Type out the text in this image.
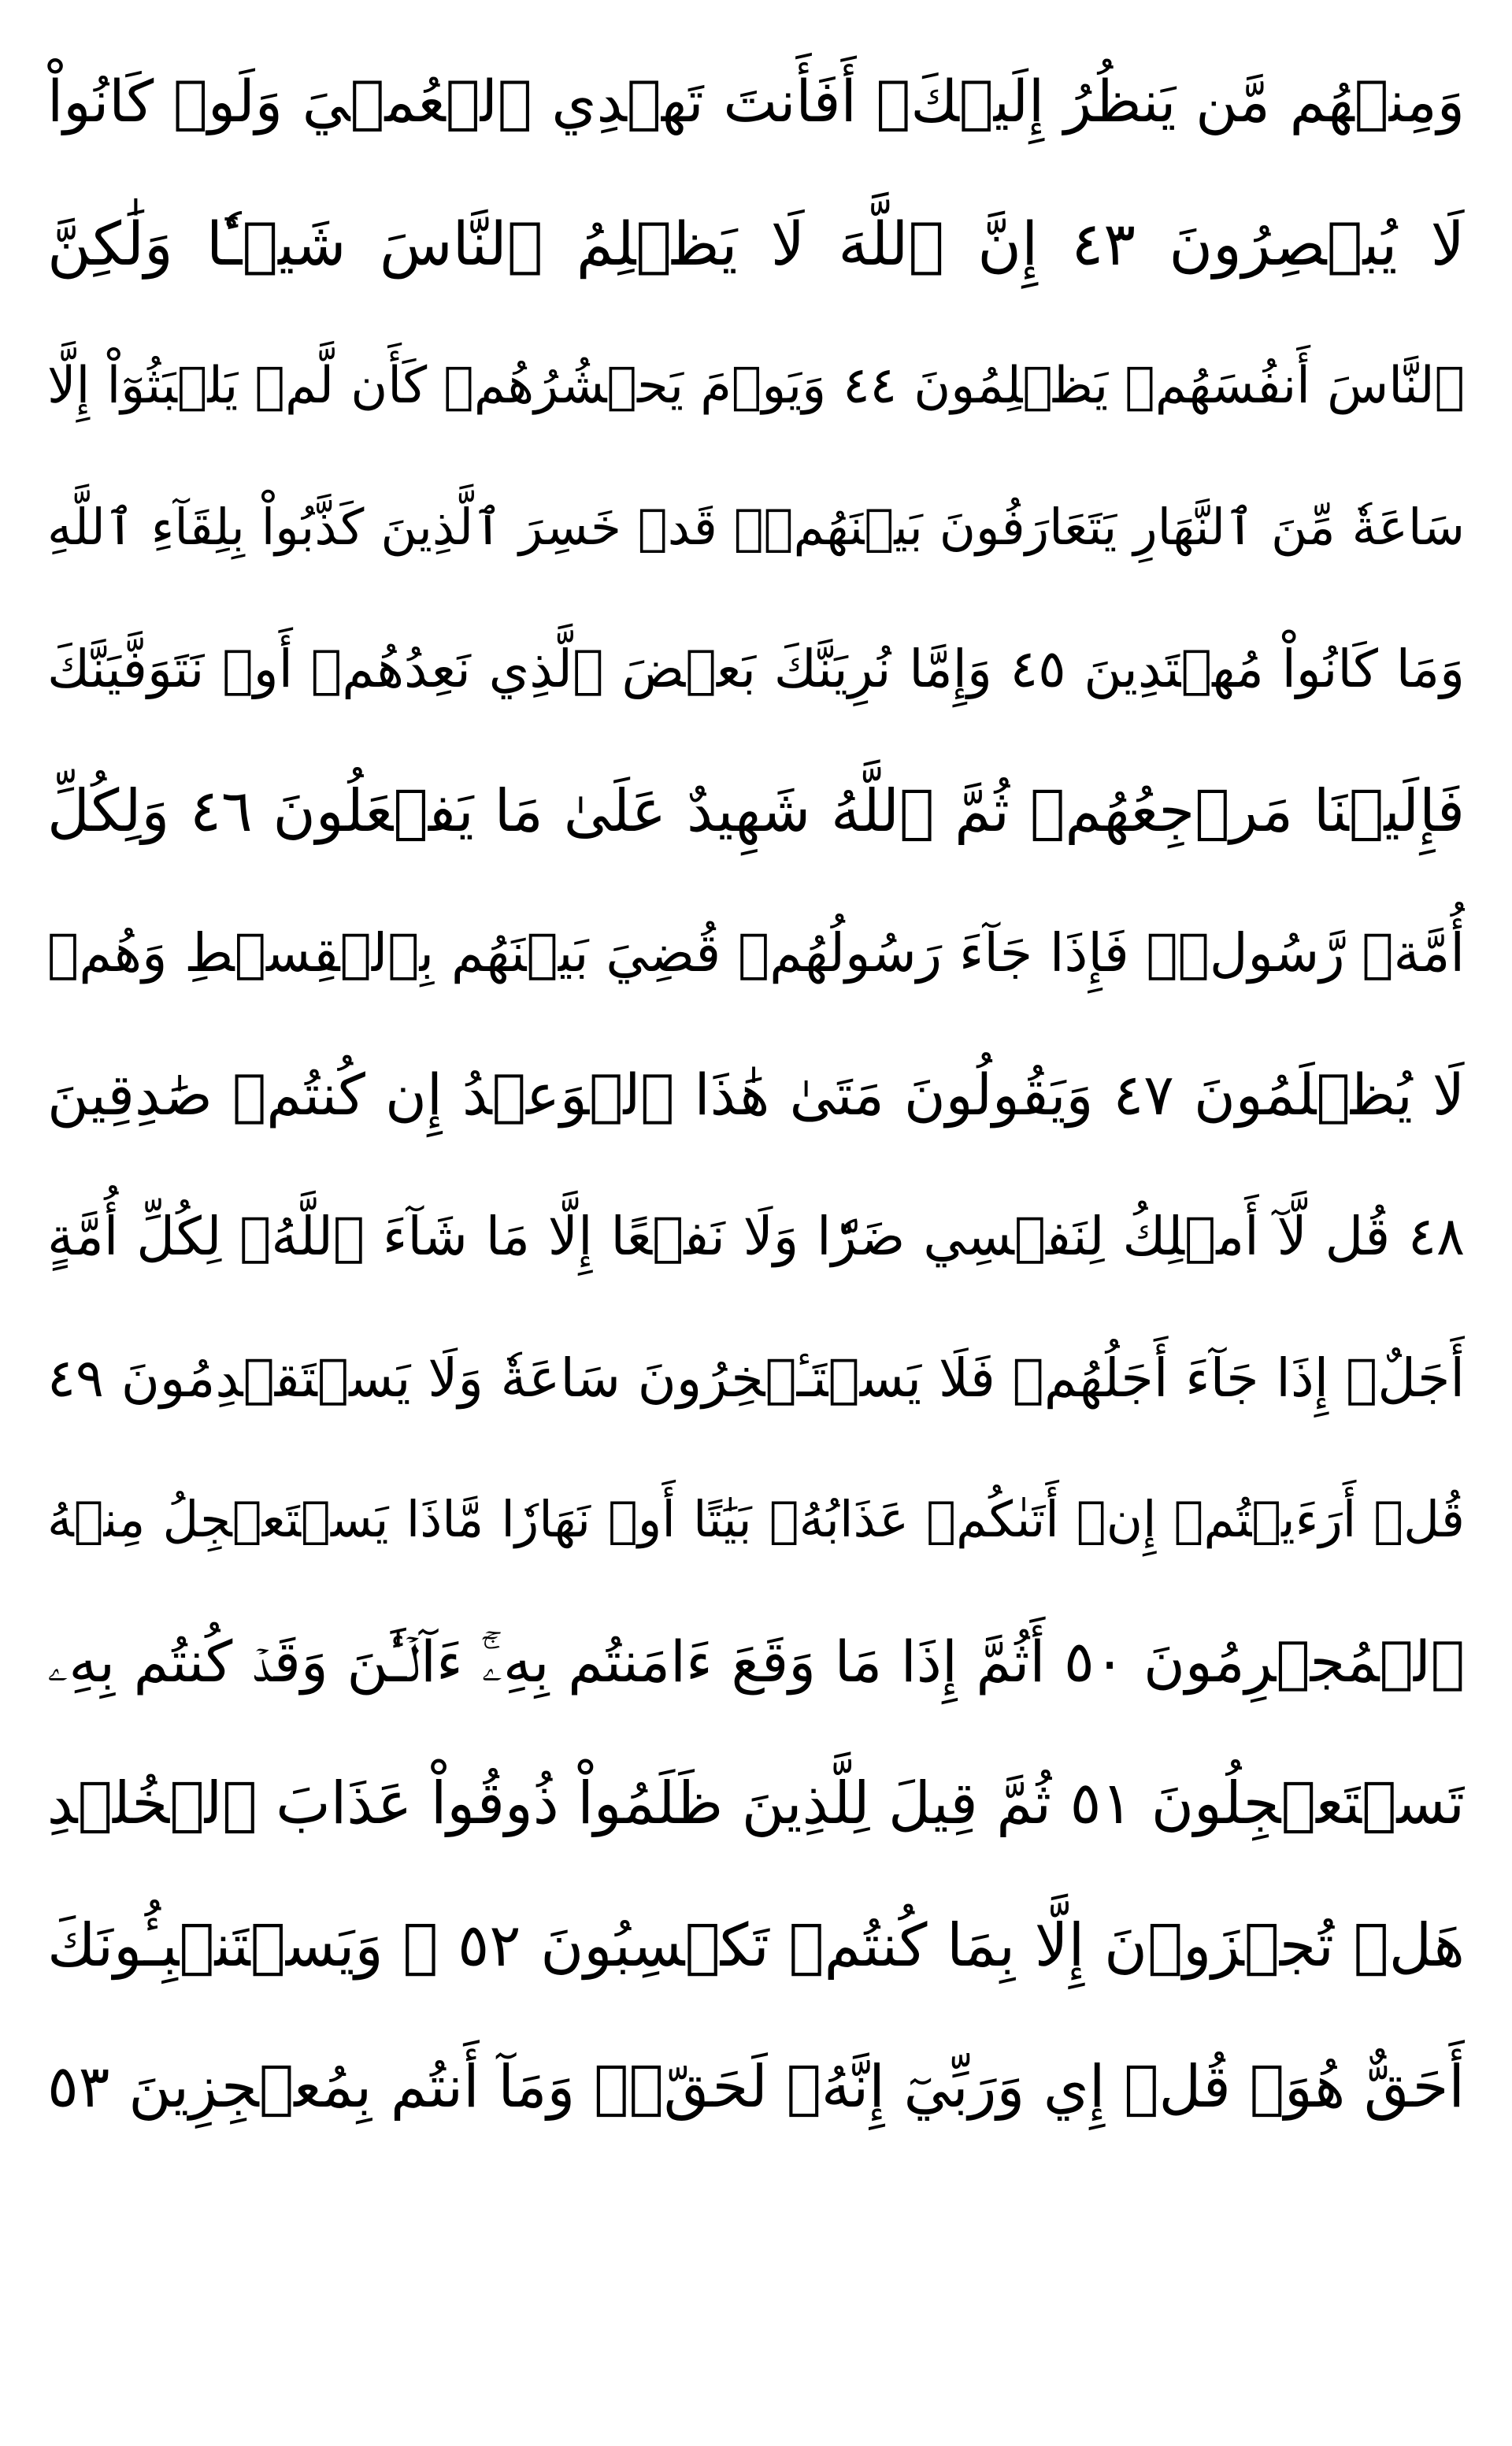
وَمِنۡهُم مَّن يَنظُرُ إِلَيۡكَۚ أَفَأَنتَ تَهۡدِي ٱلۡعُمۡيَ وَلَوۡ كَانُواْ
لَا يُبۡصِرُونَ ٤٣ إِنَّ ٱللَّهَ لَا يَظۡلِمُ ٱلنَّاسَ شَيۡـٔٗا وَلَٰكِنَّ
ٱلنَّاسَ أَنفُسَهُمۡ يَظۡلِمُونَ ٤٤ وَيَوۡمَ يَحۡشُرُهُمۡ كَأَن لَّمۡ يَلۡبَثُوٓاْ إِلَّا
سَاعَةٗ مِّنَ ٱلنَّهَارِ يَتَعَارَفُونَ بَيۡنَهُمۡۚ قَدۡ خَسِرَ ٱلَّذِينَ كَذَّبُواْ بِلِقَآءِ ٱللَّهِ
وَمَا كَانُواْ مُهۡتَدِينَ ٤٥ وَإِمَّا نُرِيَنَّكَ بَعۡضَ ٱلَّذِي نَعِدُهُمۡ أَوۡ نَتَوَفَّيَنَّكَ
فَإِلَيۡنَا مَرۡجِعُهُمۡ ثُمَّ ٱللَّهُ شَهِيدٌ عَلَىٰ مَا يَفۡعَلُونَ ٤٦ وَلِكُلِّ
أُمَّةٖ رَّسُولٞۖ فَإِذَا جَآءَ رَسُولُهُمۡ قُضِيَ بَيۡنَهُم بِٱلۡقِسۡطِ وَهُمۡ
لَا يُظۡلَمُونَ ٤٧ وَيَقُولُونَ مَتَىٰ هَٰذَا ٱلۡوَعۡدُ إِن كُنتُمۡ صَٰدِقِينَ
٤٨ قُل لَّآ أَمۡلِكُ لِنَفۡسِي ضَرّٗا وَلَا نَفۡعًا إِلَّا مَا شَآءَ ٱللَّهُۗ لِكُلِّ أُمَّةٍ
أَجَلٌۚ إِذَا جَآءَ أَجَلُهُمۡ فَلَا يَسۡتَـٔۡخِرُونَ سَاعَةٗ وَلَا يَسۡتَقۡدِمُونَ ٤٩
قُلۡ أَرَءَيۡتُمۡ إِنۡ أَتَىٰكُمۡ عَذَابُهُۥ بَيَٰتًا أَوۡ نَهَارٗا مَّاذَا يَسۡتَعۡجِلُ مِنۡهُ
ٱلۡمُجۡرِمُونَ ٥٠ أَثُمَّ إِذَا مَا وَقَعَ ءَامَنتُم بِهِۦٓۚ ءَآلۡـَٰٔنَ وَقَدۡ كُنتُم بِهِۦ
تَسۡتَعۡجِلُونَ ٥١ ثُمَّ قِيلَ لِلَّذِينَ ظَلَمُواْ ذُوقُواْ عَذَابَ ٱلۡخُلۡدِ
هَلۡ تُجۡزَوۡنَ إِلَّا بِمَا كُنتُمۡ تَكۡسِبُونَ ٥٢ ۞ وَيَسۡتَنۢبِـُٔونَكَ
أَحَقٌّ هُوَۖ قُلۡ إِي وَرَبِّيٓ إِنَّهُۥ لَحَقّٞۖ وَمَآ أَنتُم بِمُعۡجِزِينَ ٥٣
